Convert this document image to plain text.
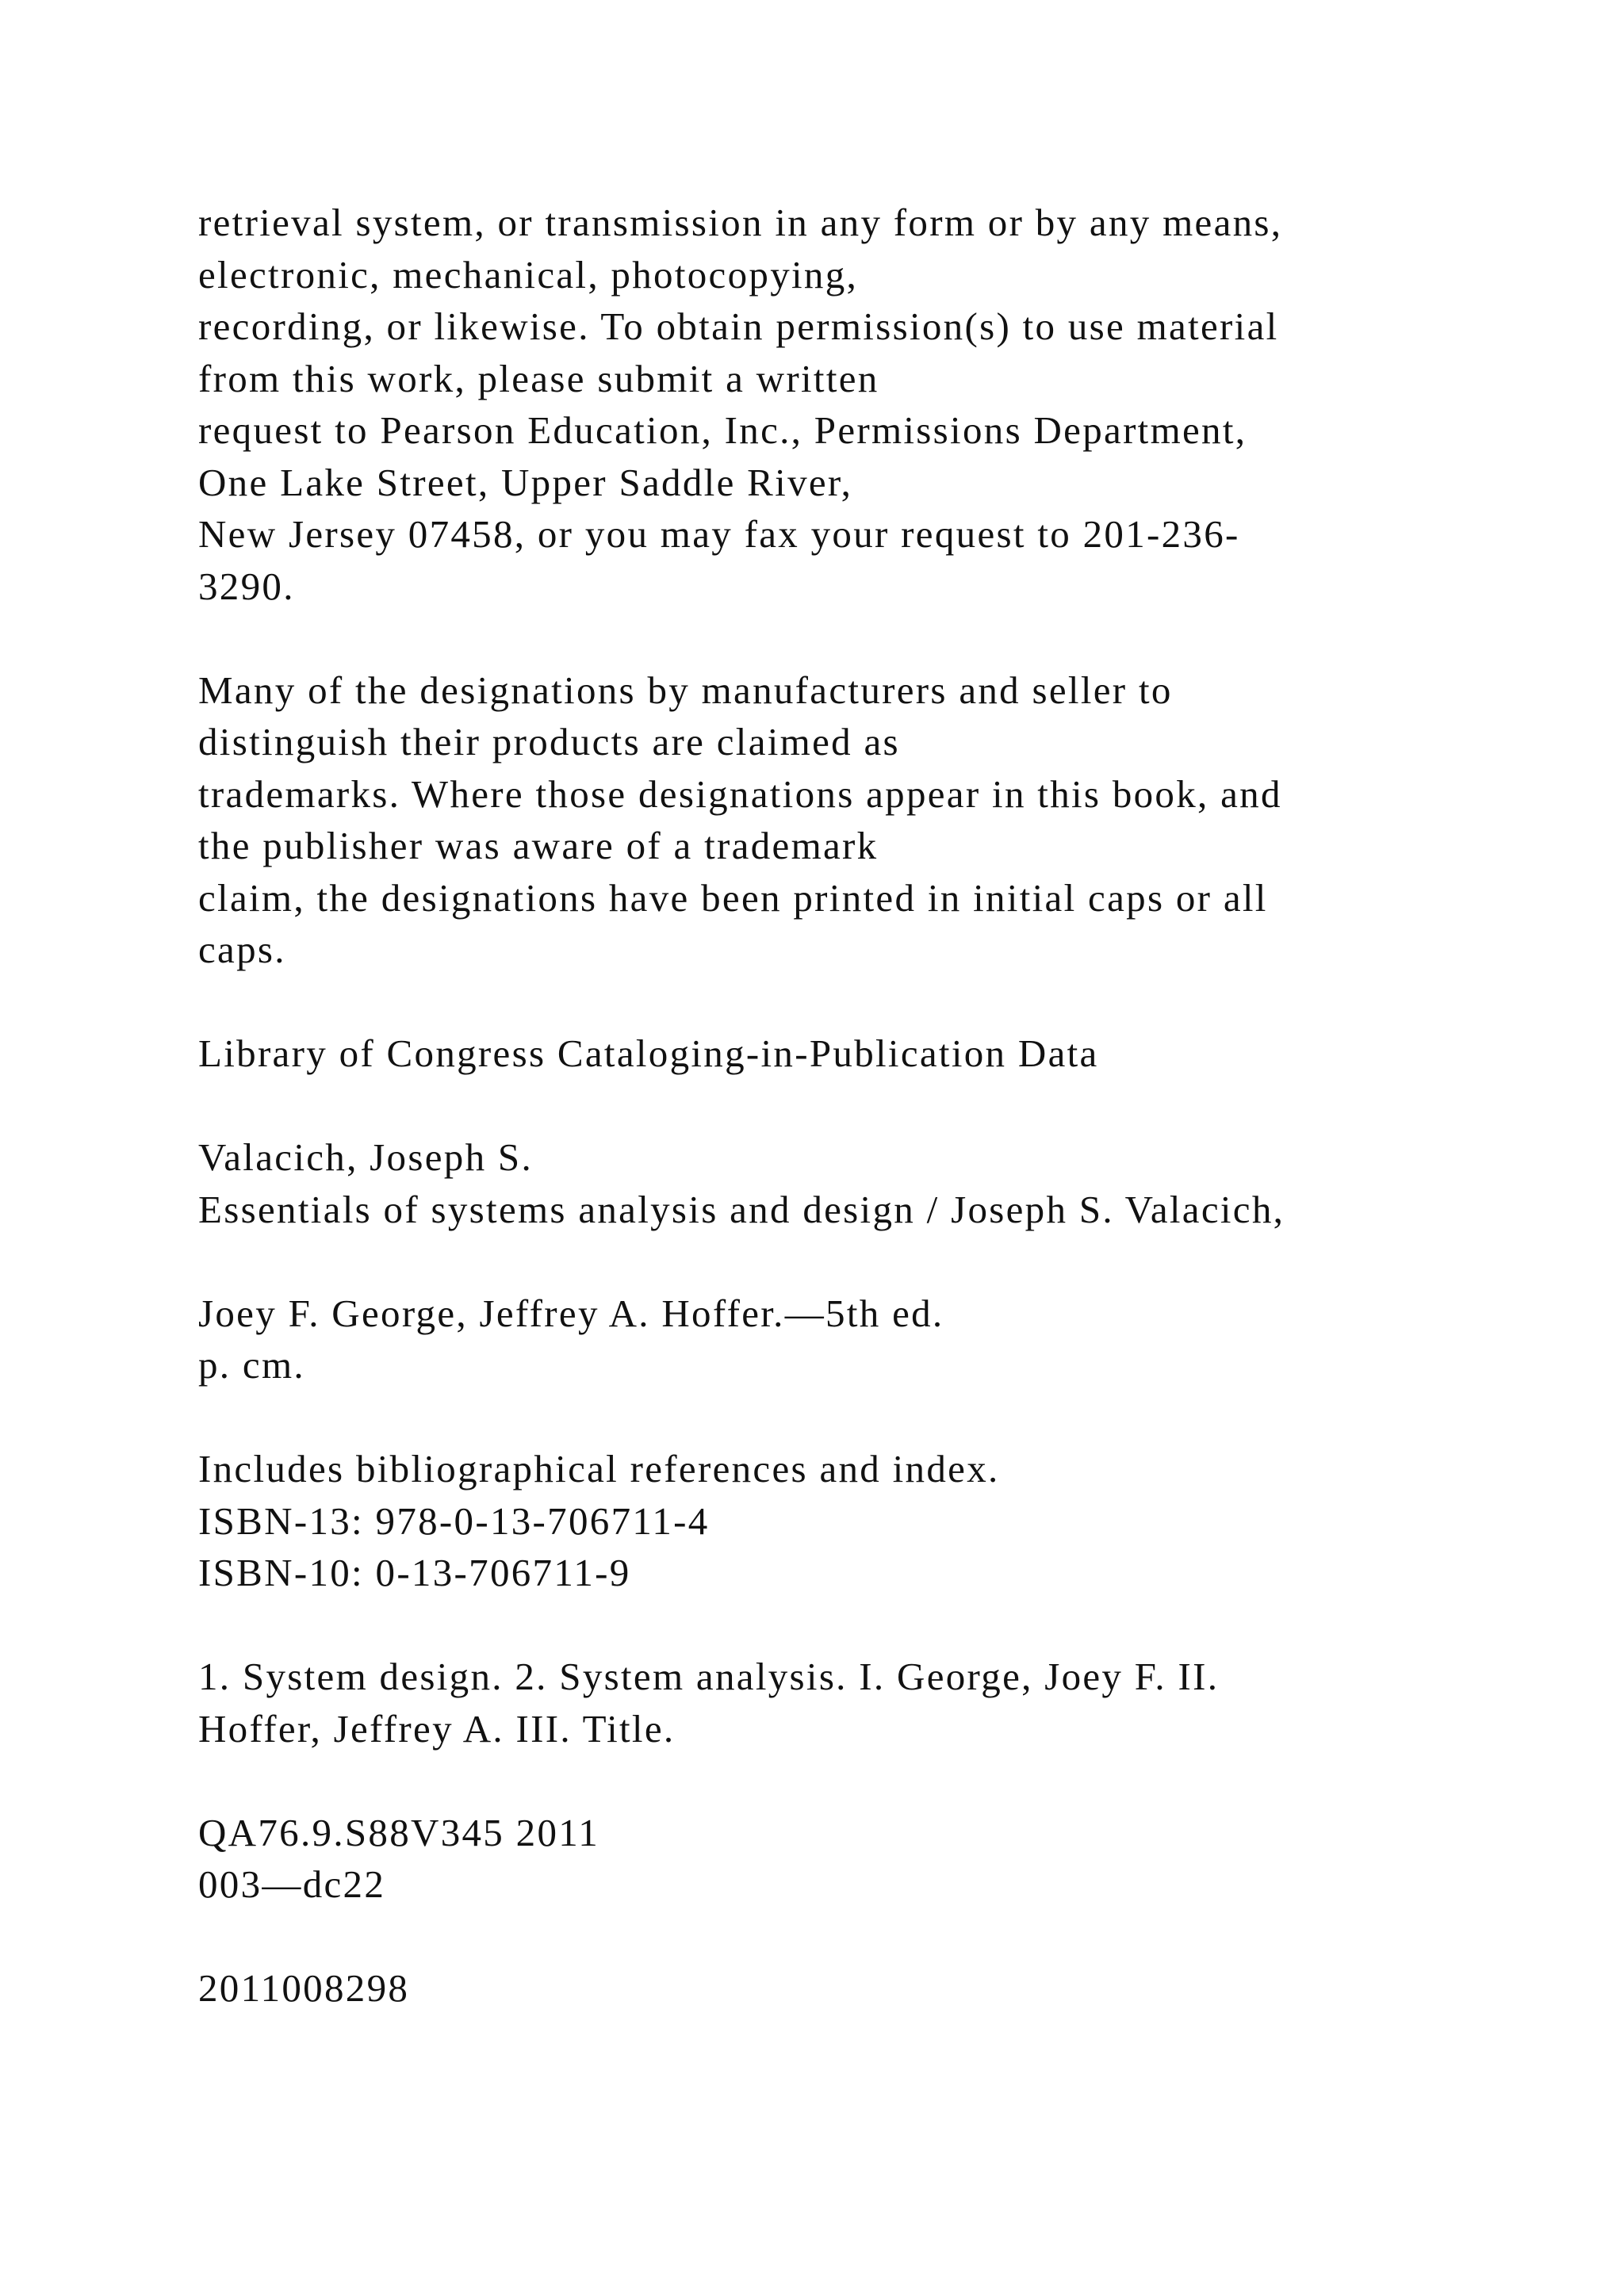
retrieval system, or transmission in any form or by any means,
electronic, mechanical, photocopying,
recording, or likewise. To obtain permission(s) to use material
from this work, please submit a written
request to Pearson Education, Inc., Permissions Department,
One Lake Street, Upper Saddle River,
New Jersey 07458, or you may fax your request to 201-236-
3290.
Many of the designations by manufacturers and seller to
distinguish their products are claimed as
trademarks. Where those designations appear in this book, and
the publisher was aware of a trademark
claim, the designations have been printed in initial caps or all
caps.
Library of Congress Cataloging-in-Publication Data
Valacich, Joseph S.
Essentials of systems analysis and design / Joseph S. Valacich,
Joey F. George, Jeffrey A. Hoffer.—5th ed.
p. cm.
Includes bibliographical references and index.
ISBN-13: 978-0-13-706711-4
ISBN-10: 0-13-706711-9
1. System design. 2. System analysis. I. George, Joey F. II.
Hoffer, Jeffrey A. III. Title.
QA76.9.S88V345 2011
003—dc22
2011008298
